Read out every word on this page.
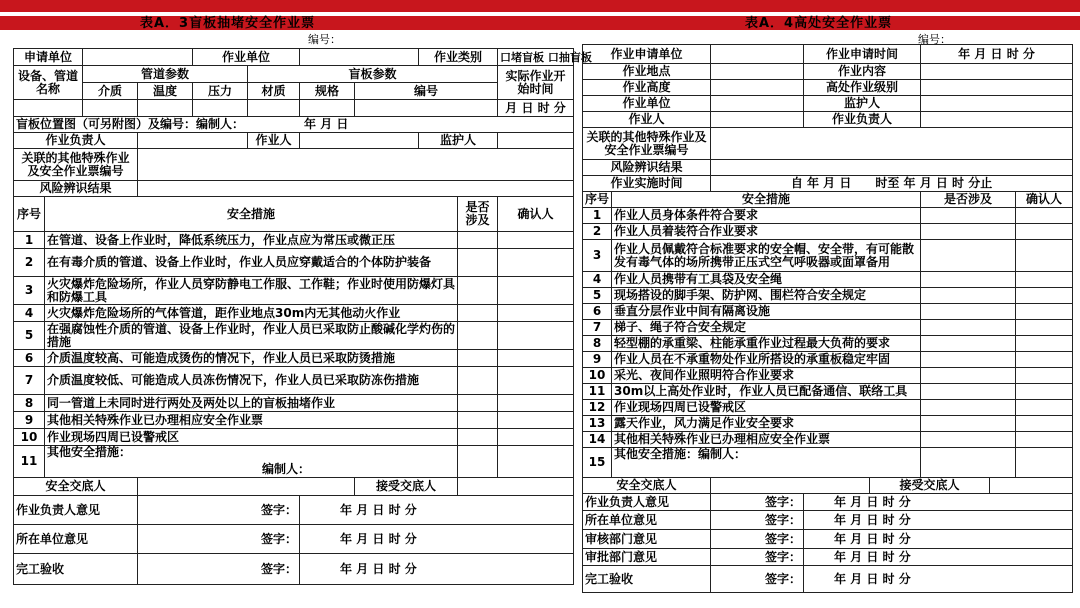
表A．3盲板抽堵安全作业票	表A．4高处安全作业票
编号：	编号：
申请单位				作业单位				作业类别		口堵盲板 口抽盲板
设备、管道名称		管道参数			盲板参数					实际作业开始时间
		介质	温度	压力	材质	规格	编号			
										月 日 时 分
盲板位置图（可另附图）及编号：编制人： 年 月 日										
作业负责人					作业人			监护人		
关联的其他特殊作业及安全作业票编号										
风险辨识结果										
序号	安全措施								是否涉及	确认人
1	在管道、设备上作业时，降低系统压力，作业点应为常压或微正压									
2	在有毒介质的管道、设备上作业时，作业人员应穿戴适合的个体防护装备									
3	火灾爆炸危险场所，作业人员穿防静电工作服、工作鞋；作业时使用防爆灯具和防爆工具									
4	火灾爆炸危险场所的气体管道，距作业地点30m内无其他动火作业									
5	在强腐蚀性介质的管道、设备上作业时，作业人员已采取防止酸碱化学灼伤的措施									
6	介质温度较高、可能造成烫伤的情况下，作业人员已采取防烫措施									
7	介质温度较低、可能造成人员冻伤情况下，作业人员已采取防冻伤措施									
8	同一管道上未同时进行两处及两处以上的盲板抽堵作业									
9	其他相关特殊作业已办理相应安全作业票									
10	作业现场四周已设警戒区									
11	其他安全措施：
编制人：									

安全交底人							接受交底人			
作业负责人意见			签字：			年 月 日 时 分				
所在单位意见			签字：			年 月 日 时 分				
完工验收			签字：			年 月 日 时 分				
作业申请单位			作业申请时间		年 月 日 时 分		
作业地点			作业内容				
作业高度			高处作业级别				
作业单位			监护人				
作业人			作业负责人				
关联的其他特殊作业及安全作业票编号							
风险辨识结果							
作业实施时间		自 年 月 日　　时至 年 月 日 时 分止					
序号	安全措施				是否涉及		确认人
1	作业人员身体条件符合要求						
2	作业人员着装符合作业要求						
3	作业人员佩戴符合标准要求的安全帽、安全带，有可能散发有毒气体的场所携带正压式空气呼吸器或面罩备用						
4	作业人员携带有工具袋及安全绳						
5	现场搭设的脚手架、防护网、围栏符合安全规定						
6	垂直分层作业中间有隔离设施						
7	梯子、绳子符合安全规定						
8	轻型棚的承重梁、柱能承重作业过程最大负荷的要求						
9	作业人员在不承重物处作业所搭设的承重板稳定牢固						
10	采光、夜间作业照明符合作业要求						
11	30m以上高处作业时，作业人员已配备通信、联络工具						
12	作业现场四周已设警戒区						
13	露天作业，风力满足作业安全要求						
14	其他相关特殊作业已办理相应安全作业票						
15	其他安全措施：编制人：						
安全交底人				接受交底人			
作业负责人意见		签字：	年 月 日 时 分				
所在单位意见		签字：	年 月 日 时 分				
审核部门意见		签字：	年 月 日 时 分				
审批部门意见		签字：	年 月 日 时 分				
完工验收		签字：	年 月 日 时 分				
